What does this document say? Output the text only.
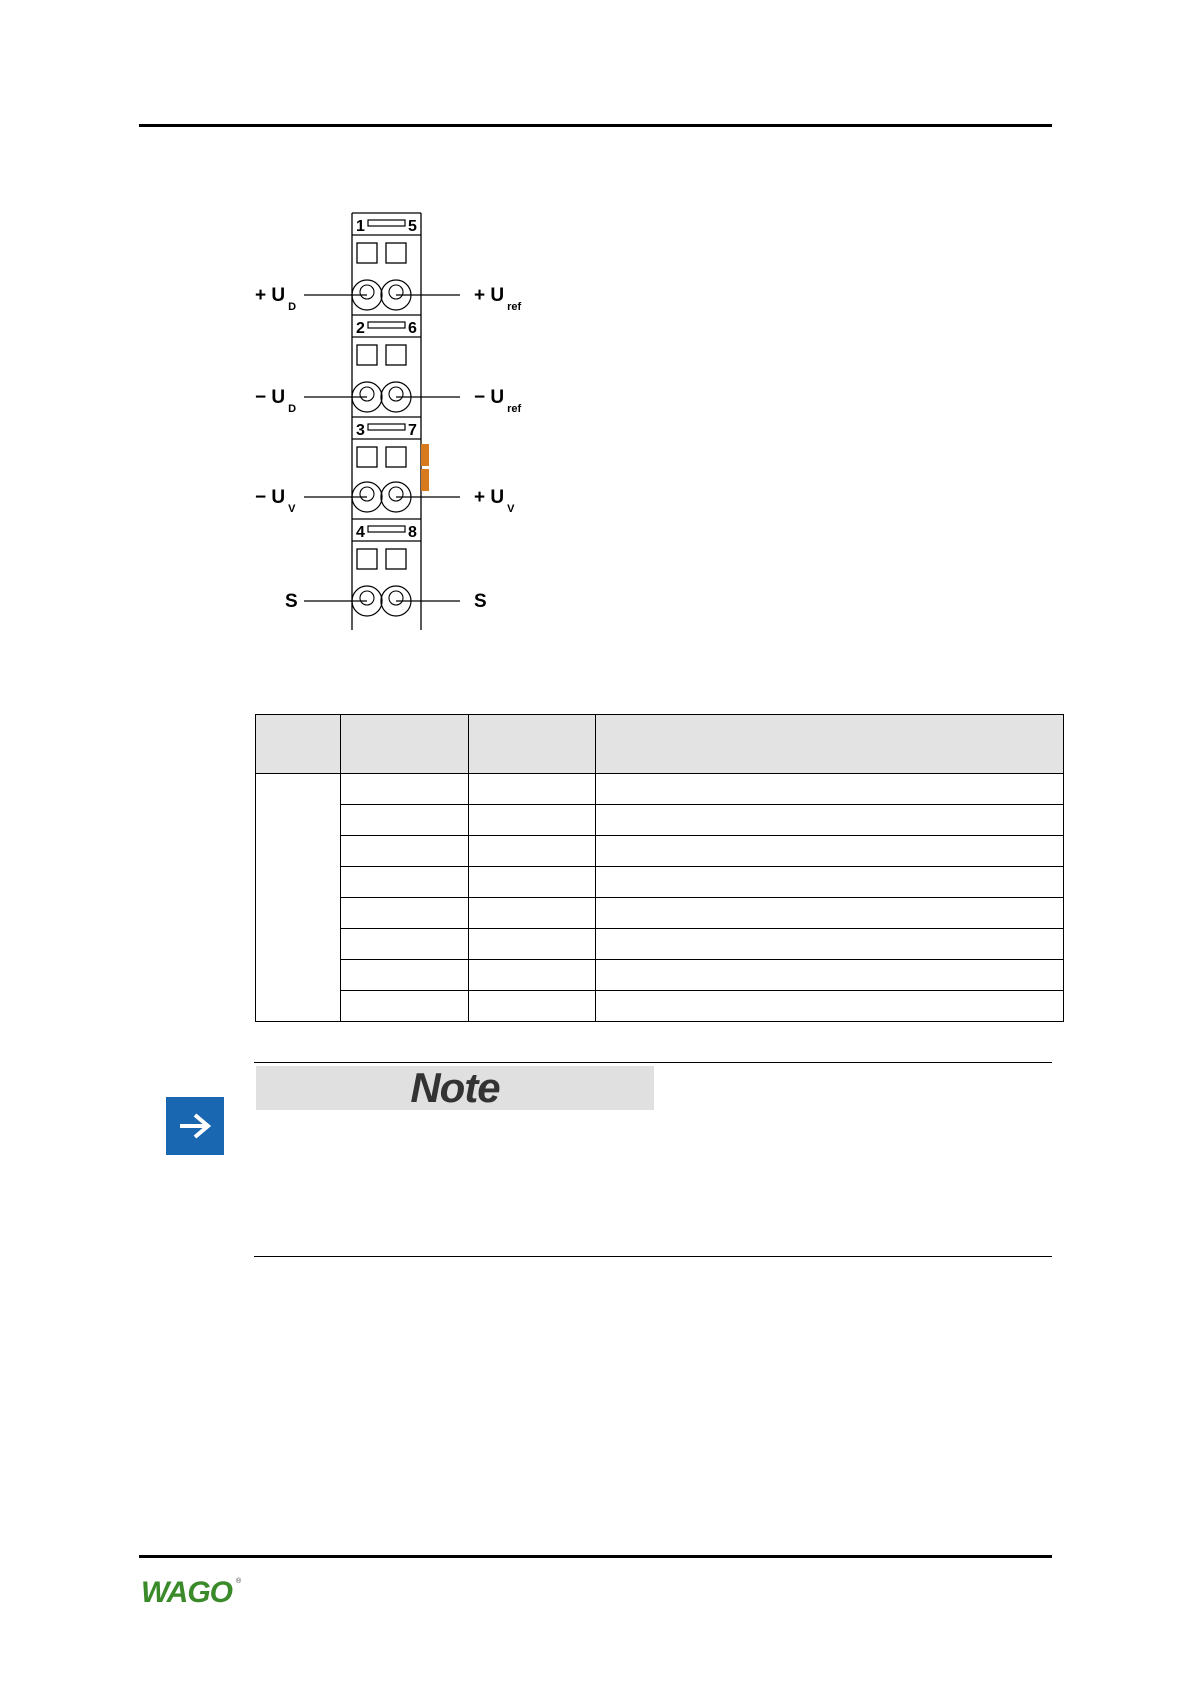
1	5
2	6
3	7
4	8
+ $U_D$
+ $U_{ref}$
− $U_D$
− $U_{ref}$
− $U_V$
+ $U_V$
S	S

Note
WAGO ®
